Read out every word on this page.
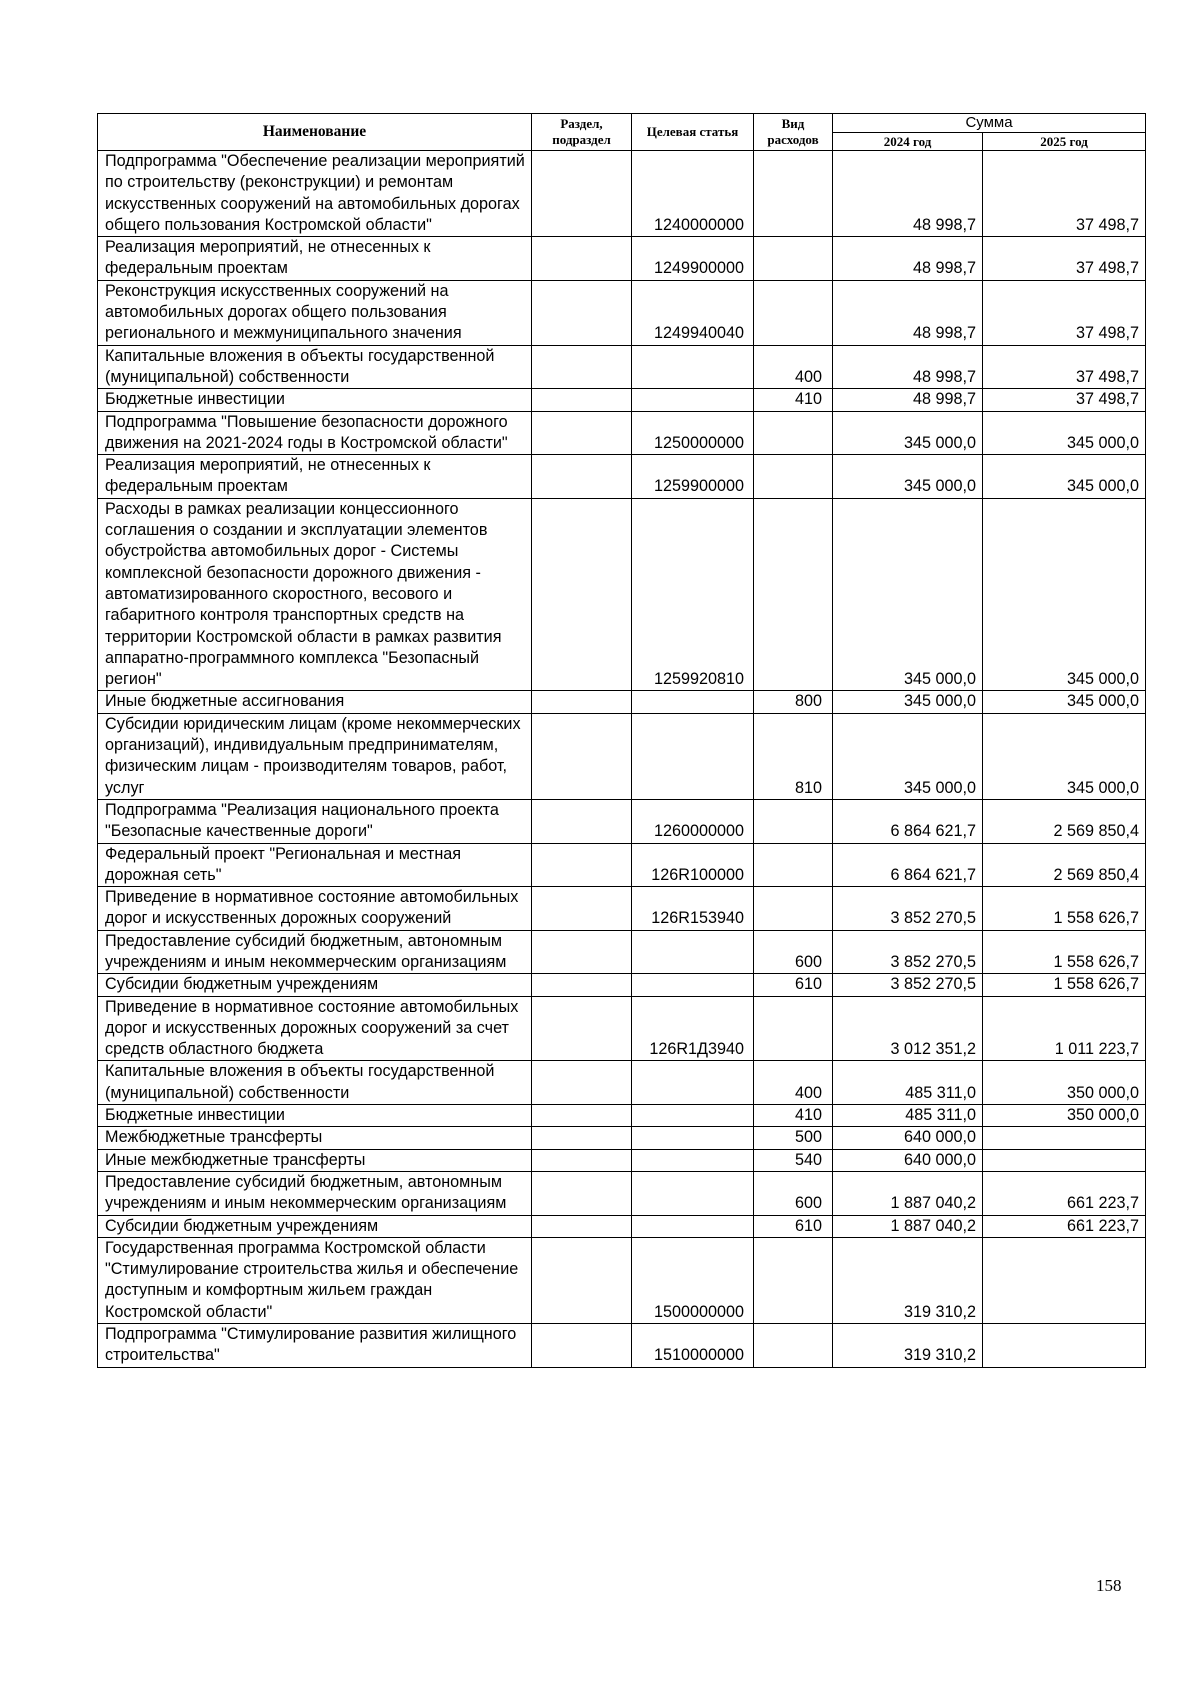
Наименование	Раздел, подраздел	Целевая статья	Вид расходов	Сумма	
				2024 год	2025 год
Подпрограмма "Обеспечение реализации мероприятий по строительству (реконструкции) и ремонтам искусственных сооружений на автомобильных дорогах общего пользования Костромской области"		1240000000		48 998,7	37 498,7
Реализация мероприятий, не отнесенных к федеральным проектам		1249900000		48 998,7	37 498,7
Реконструкция искусственных сооружений на автомобильных дорогах общего пользования регионального и межмуниципального значения		1249940040		48 998,7	37 498,7
Капитальные вложения в объекты государственной (муниципальной) собственности			400	48 998,7	37 498,7
Бюджетные инвестиции			410	48 998,7	37 498,7
Подпрограмма "Повышение безопасности дорожного движения на 2021-2024 годы в Костромской области"		1250000000		345 000,0	345 000,0
Реализация мероприятий, не отнесенных к федеральным проектам		1259900000		345 000,0	345 000,0
Расходы в рамках реализации концессионного соглашения о создании и эксплуатации элементов обустройства автомобильных дорог - Системы комплексной безопасности дорожного движения - автоматизированного скоростного, весового и габаритного контроля транспортных средств на территории Костромской области в рамках развития аппаратно-программного комплекса "Безопасный регион"		1259920810		345 000,0	345 000,0
Иные бюджетные ассигнования			800	345 000,0	345 000,0
Субсидии юридическим лицам (кроме некоммерческих организаций), индивидуальным предпринимателям, физическим лицам - производителям товаров, работ, услуг			810	345 000,0	345 000,0
Подпрограмма "Реализация национального проекта "Безопасные качественные дороги"		1260000000		6 864 621,7	2 569 850,4
Федеральный проект "Региональная и местная дорожная сеть"		126R100000		6 864 621,7	2 569 850,4
Приведение в нормативное состояние автомобильных дорог и искусственных дорожных сооружений		126R153940		3 852 270,5	1 558 626,7
Предоставление субсидий бюджетным, автономным учреждениям и иным некоммерческим организациям			600	3 852 270,5	1 558 626,7
Субсидии бюджетным учреждениям			610	3 852 270,5	1 558 626,7
Приведение в нормативное состояние автомобильных дорог и искусственных дорожных сооружений за счет средств областного бюджета		126R1Д3940		3 012 351,2	1 011 223,7
Капитальные вложения в объекты государственной (муниципальной) собственности			400	485 311,0	350 000,0
Бюджетные инвестиции			410	485 311,0	350 000,0
Межбюджетные трансферты			500	640 000,0	
Иные межбюджетные трансферты			540	640 000,0	
Предоставление субсидий бюджетным, автономным учреждениям и иным некоммерческим организациям			600	1 887 040,2	661 223,7
Субсидии бюджетным учреждениям			610	1 887 040,2	661 223,7
Государственная программа Костромской области "Стимулирование строительства жилья и обеспечение доступным и комфортным жильем граждан Костромской области"		1500000000		319 310,2	
Подпрограмма "Стимулирование развития жилищного строительства"		1510000000		319 310,2	
158
